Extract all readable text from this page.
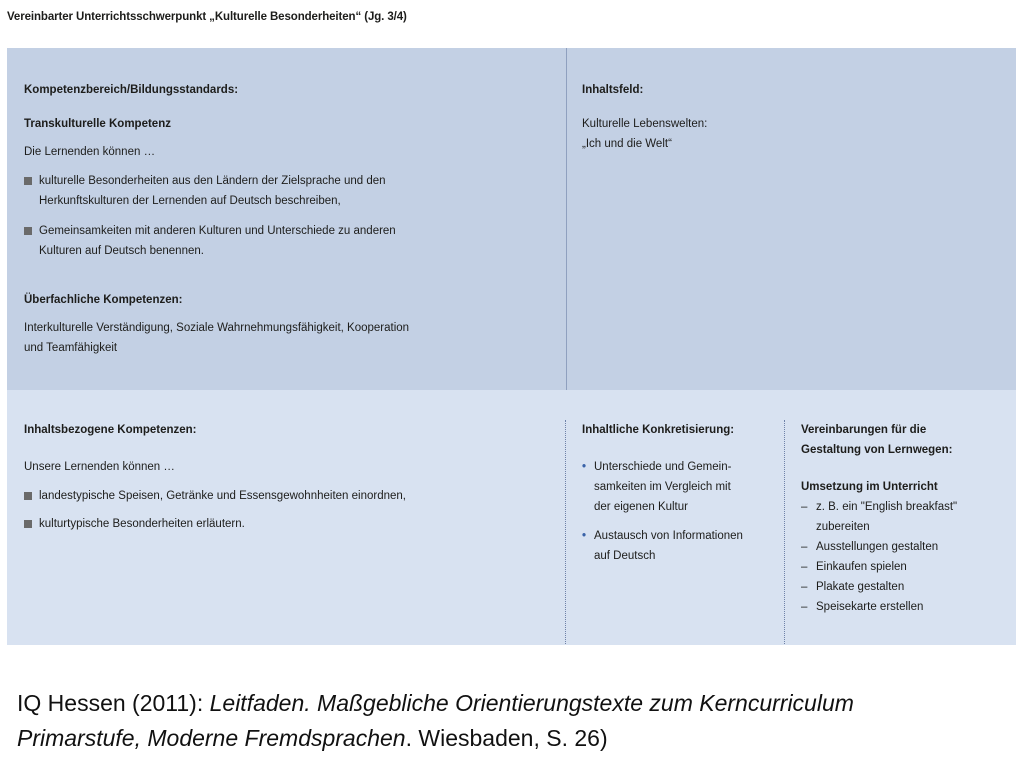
Vereinbarter Unterrichtsschwerpunkt „Kulturelle Besonderheiten“ (Jg. 3/4)
Kompetenzbereich/Bildungsstandards:
Transkulturelle Kompetenz
Die Lernenden können …
kulturelle Besonderheiten aus den Ländern der Zielsprache und den
Herkunftskulturen der Lernenden auf Deutsch beschreiben,
Gemeinsamkeiten mit anderen Kulturen und Unterschiede zu anderen
Kulturen auf Deutsch benennen.
Überfachliche Kompetenzen:
Interkulturelle Verständigung, Soziale Wahrnehmungsfähigkeit, Kooperation
und Teamfähigkeit
Inhaltsfeld:
Kulturelle Lebenswelten:
„Ich und die Welt“
Inhaltsbezogene Kompetenzen:
Unsere Lernenden können …
landestypische Speisen, Getränke und Essensgewohnheiten einordnen,
kulturtypische Besonderheiten erläutern.
Inhaltliche Konkretisierung:
• Unterschiede und Gemein-
samkeiten im Vergleich mit
der eigenen Kultur
• Austausch von Informationen
auf Deutsch
Vereinbarungen für die
Gestaltung von Lernwegen:
Umsetzung im Unterricht
– z. B. ein "English breakfast"
zubereiten
– Ausstellungen gestalten
– Einkaufen spielen
– Plakate gestalten
– Speisekarte erstellen
IQ Hessen (2011): Leitfaden. Maßgebliche Orientierungstexte zum Kerncurriculum
Primarstufe, Moderne Fremdsprachen. Wiesbaden, S. 26)
